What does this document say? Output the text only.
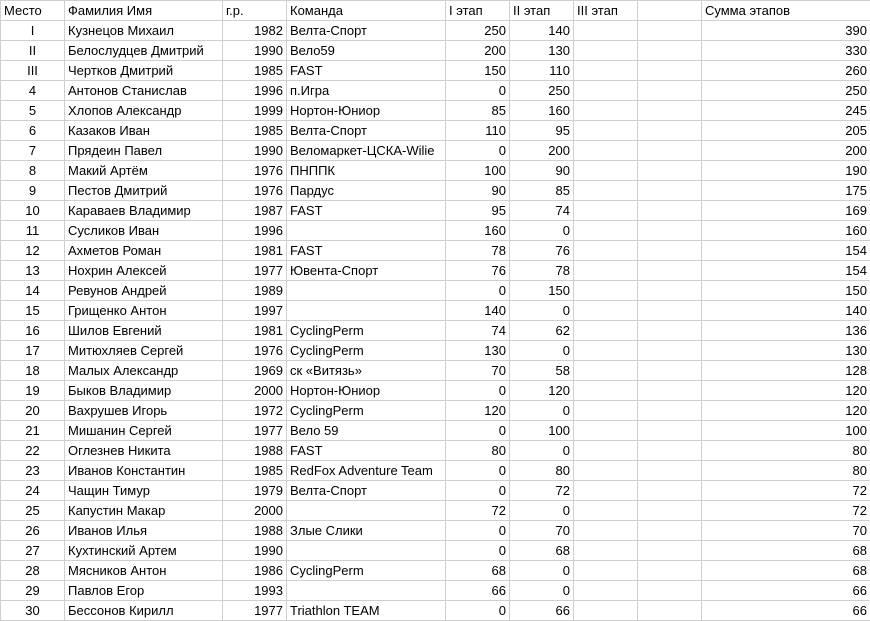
Место	Фамилия Имя	г.р.	Команда	I этап	II этап	III этап		Сумма этапов
I	Кузнецов Михаил	1982	Велта-Спорт	250	140			390
II	Белослудцев Дмитрий	1990	Вело59	200	130			330
III	Чертков Дмитрий	1985	FAST	150	110			260
4	Антонов Станислав	1996	п.Игра	0	250			250
5	Хлопов Александр	1999	Нортон-Юниор	85	160			245
6	Казаков Иван	1985	Велта-Спорт	110	95			205
7	Прядеин Павел	1990	Веломаркет-ЦСКА-Wilie	0	200			200
8	Макий Артём	1976	ПНППК	100	90			190
9	Пестов Дмитрий	1976	Пардус	90	85			175
10	Караваев Владимир	1987	FAST	95	74			169
11	Сусликов Иван	1996		160	0			160
12	Ахметов Роман	1981	FAST	78	76			154
13	Нохрин Алексей	1977	Ювента-Спорт	76	78			154
14	Ревунов Андрей	1989		0	150			150
15	Грищенко Антон	1997		140	0			140
16	Шилов Евгений	1981	CyclingPerm	74	62			136
17	Митюхляев Сергей	1976	CyclingPerm	130	0			130
18	Малых Александр	1969	ск «Витязь»	70	58			128
19	Быков Владимир	2000	Нортон-Юниор	0	120			120
20	Вахрушев Игорь	1972	CyclingPerm	120	0			120
21	Мишанин Сергей	1977	Вело 59	0	100			100
22	Оглезнев Никита	1988	FAST	80	0			80
23	Иванов Константин	1985	RedFox Adventure Team	0	80			80
24	Чащин Тимур	1979	Велта-Спорт	0	72			72
25	Капустин Макар	2000		72	0			72
26	Иванов Илья	1988	Злые Слики	0	70			70
27	Кухтинский Артем	1990		0	68			68
28	Мясников Антон	1986	CyclingPerm	68	0			68
29	Павлов Егор	1993		66	0			66
30	Бессонов Кирилл	1977	Triathlon TEAM	0	66			66
